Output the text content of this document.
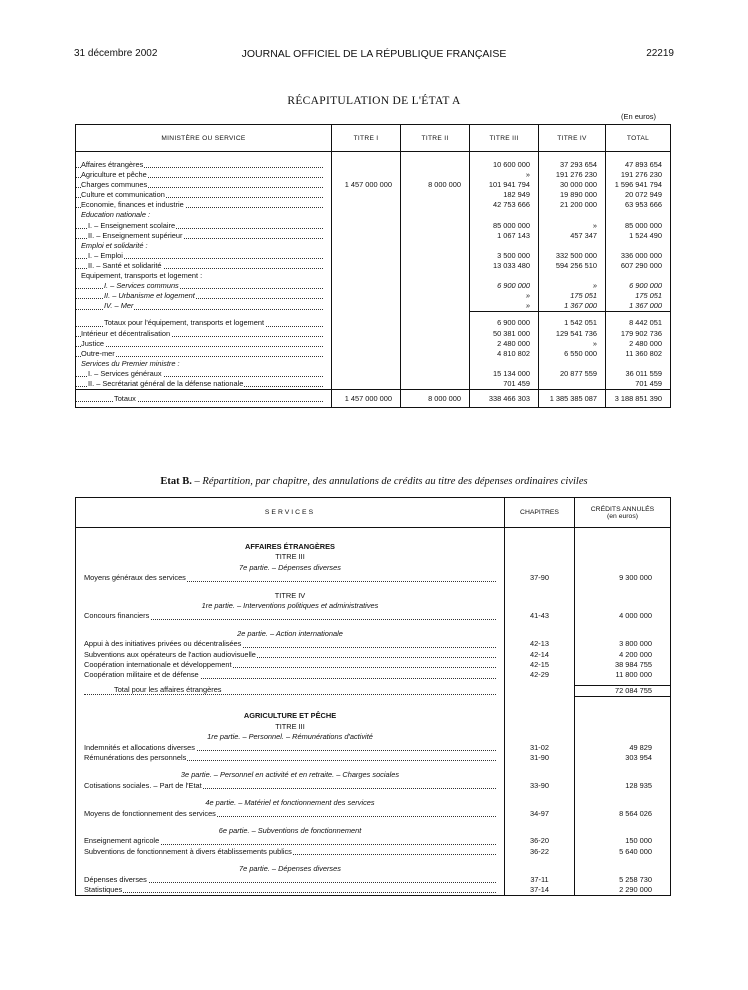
31 décembre 2002	JOURNAL OFFICIEL DE LA RÉPUBLIQUE FRANÇAISE	22219
RÉCAPITULATION DE L'ÉTAT A
(En euros)
MINISTÈRE OU SERVICE	TITRE I	TITRE II	TITRE III	TITRE IV	TOTAL

Affaires étrangères			10 600 000	37 293 654	47 893 654

Agriculture et pêche			»	191 276 230	191 276 230

Charges communes	1 457 000 000	8 000 000	101 941 794	30 000 000	1 596 941 794

Culture et communication			182 949	19 890 000	20 072 949

Economie, finances et industrie			42 753 666	21 200 000	63 953 666
Education nationale :					

I. – Enseignement scolaire			85 000 000	»	85 000 000

II. – Enseignement supérieur			1 067 143	457 347	1 524 490
Emploi et solidarité :					

I. – Emploi			3 500 000	332 500 000	336 000 000

II. – Santé et solidarité			13 033 480	594 256 510	607 290 000
Equipement, transports et logement :					

I. – Services communs			6 900 000	»	6 900 000

II. – Urbanisme et logement			»	175 051	175 051

IV. – Mer			»	1 367 000	1 367 000

Totaux pour l'équipement, transports et logement			6 900 000	1 542 051	8 442 051

Intérieur et décentralisation			50 381 000	129 541 736	179 902 736

Justice			2 480 000	»	2 480 000

Outre-mer			4 810 802	6 550 000	11 360 802
Services du Premier ministre :					

I. – Services généraux			15 134 000	20 877 559	36 011 559

II. – Secrétariat général de la défense nationale			701 459		701 459

Totaux	1 457 000 000	8 000 000	338 466 303	1 385 385 087	3 188 851 390
Etat B. – Répartition, par chapitre, des annulations de crédits au titre des dépenses ordinaires civiles
SERVICES	CHAPITRES	CRÉDITS ANNULÉS
(en euros)

AFFAIRES ÉTRANGÈRES		
TITRE III		
7e partie. – Dépenses diverses		

Moyens généraux des services	37-90	9 300 000

TITRE IV		
1re partie. – Interventions politiques et administratives		

Concours financiers	41-43	4 000 000

2e partie. – Action internationale		

Appui à des initiatives privées ou décentralisées	42-13	3 800 000

Subventions aux opérateurs de l'action audiovisuelle	42-14	4 200 000

Coopération internationale et développement	42-15	38 984 755

Coopération militaire et de défense	42-29	11 800 000

Total pour les affaires étrangères		72 084 755

AGRICULTURE ET PÊCHE		
TITRE III		
1re partie. – Personnel. – Rémunérations d'activité		

Indemnités et allocations diverses	31-02	49 829

Rémunérations des personnels	31-90	303 954

3e partie. – Personnel en activité et en retraite. – Charges sociales		

Cotisations sociales. – Part de l'Etat	33-90	128 935

4e partie. – Matériel et fonctionnement des services		

Moyens de fonctionnement des services	34-97	8 564 026

6e partie. – Subventions de fonctionnement		

Enseignement agricole	36-20	150 000

Subventions de fonctionnement à divers établissements publics	36-22	5 640 000

7e partie. – Dépenses diverses		

Dépenses diverses	37-11	5 258 730

Statistiques	37-14	2 290 000
